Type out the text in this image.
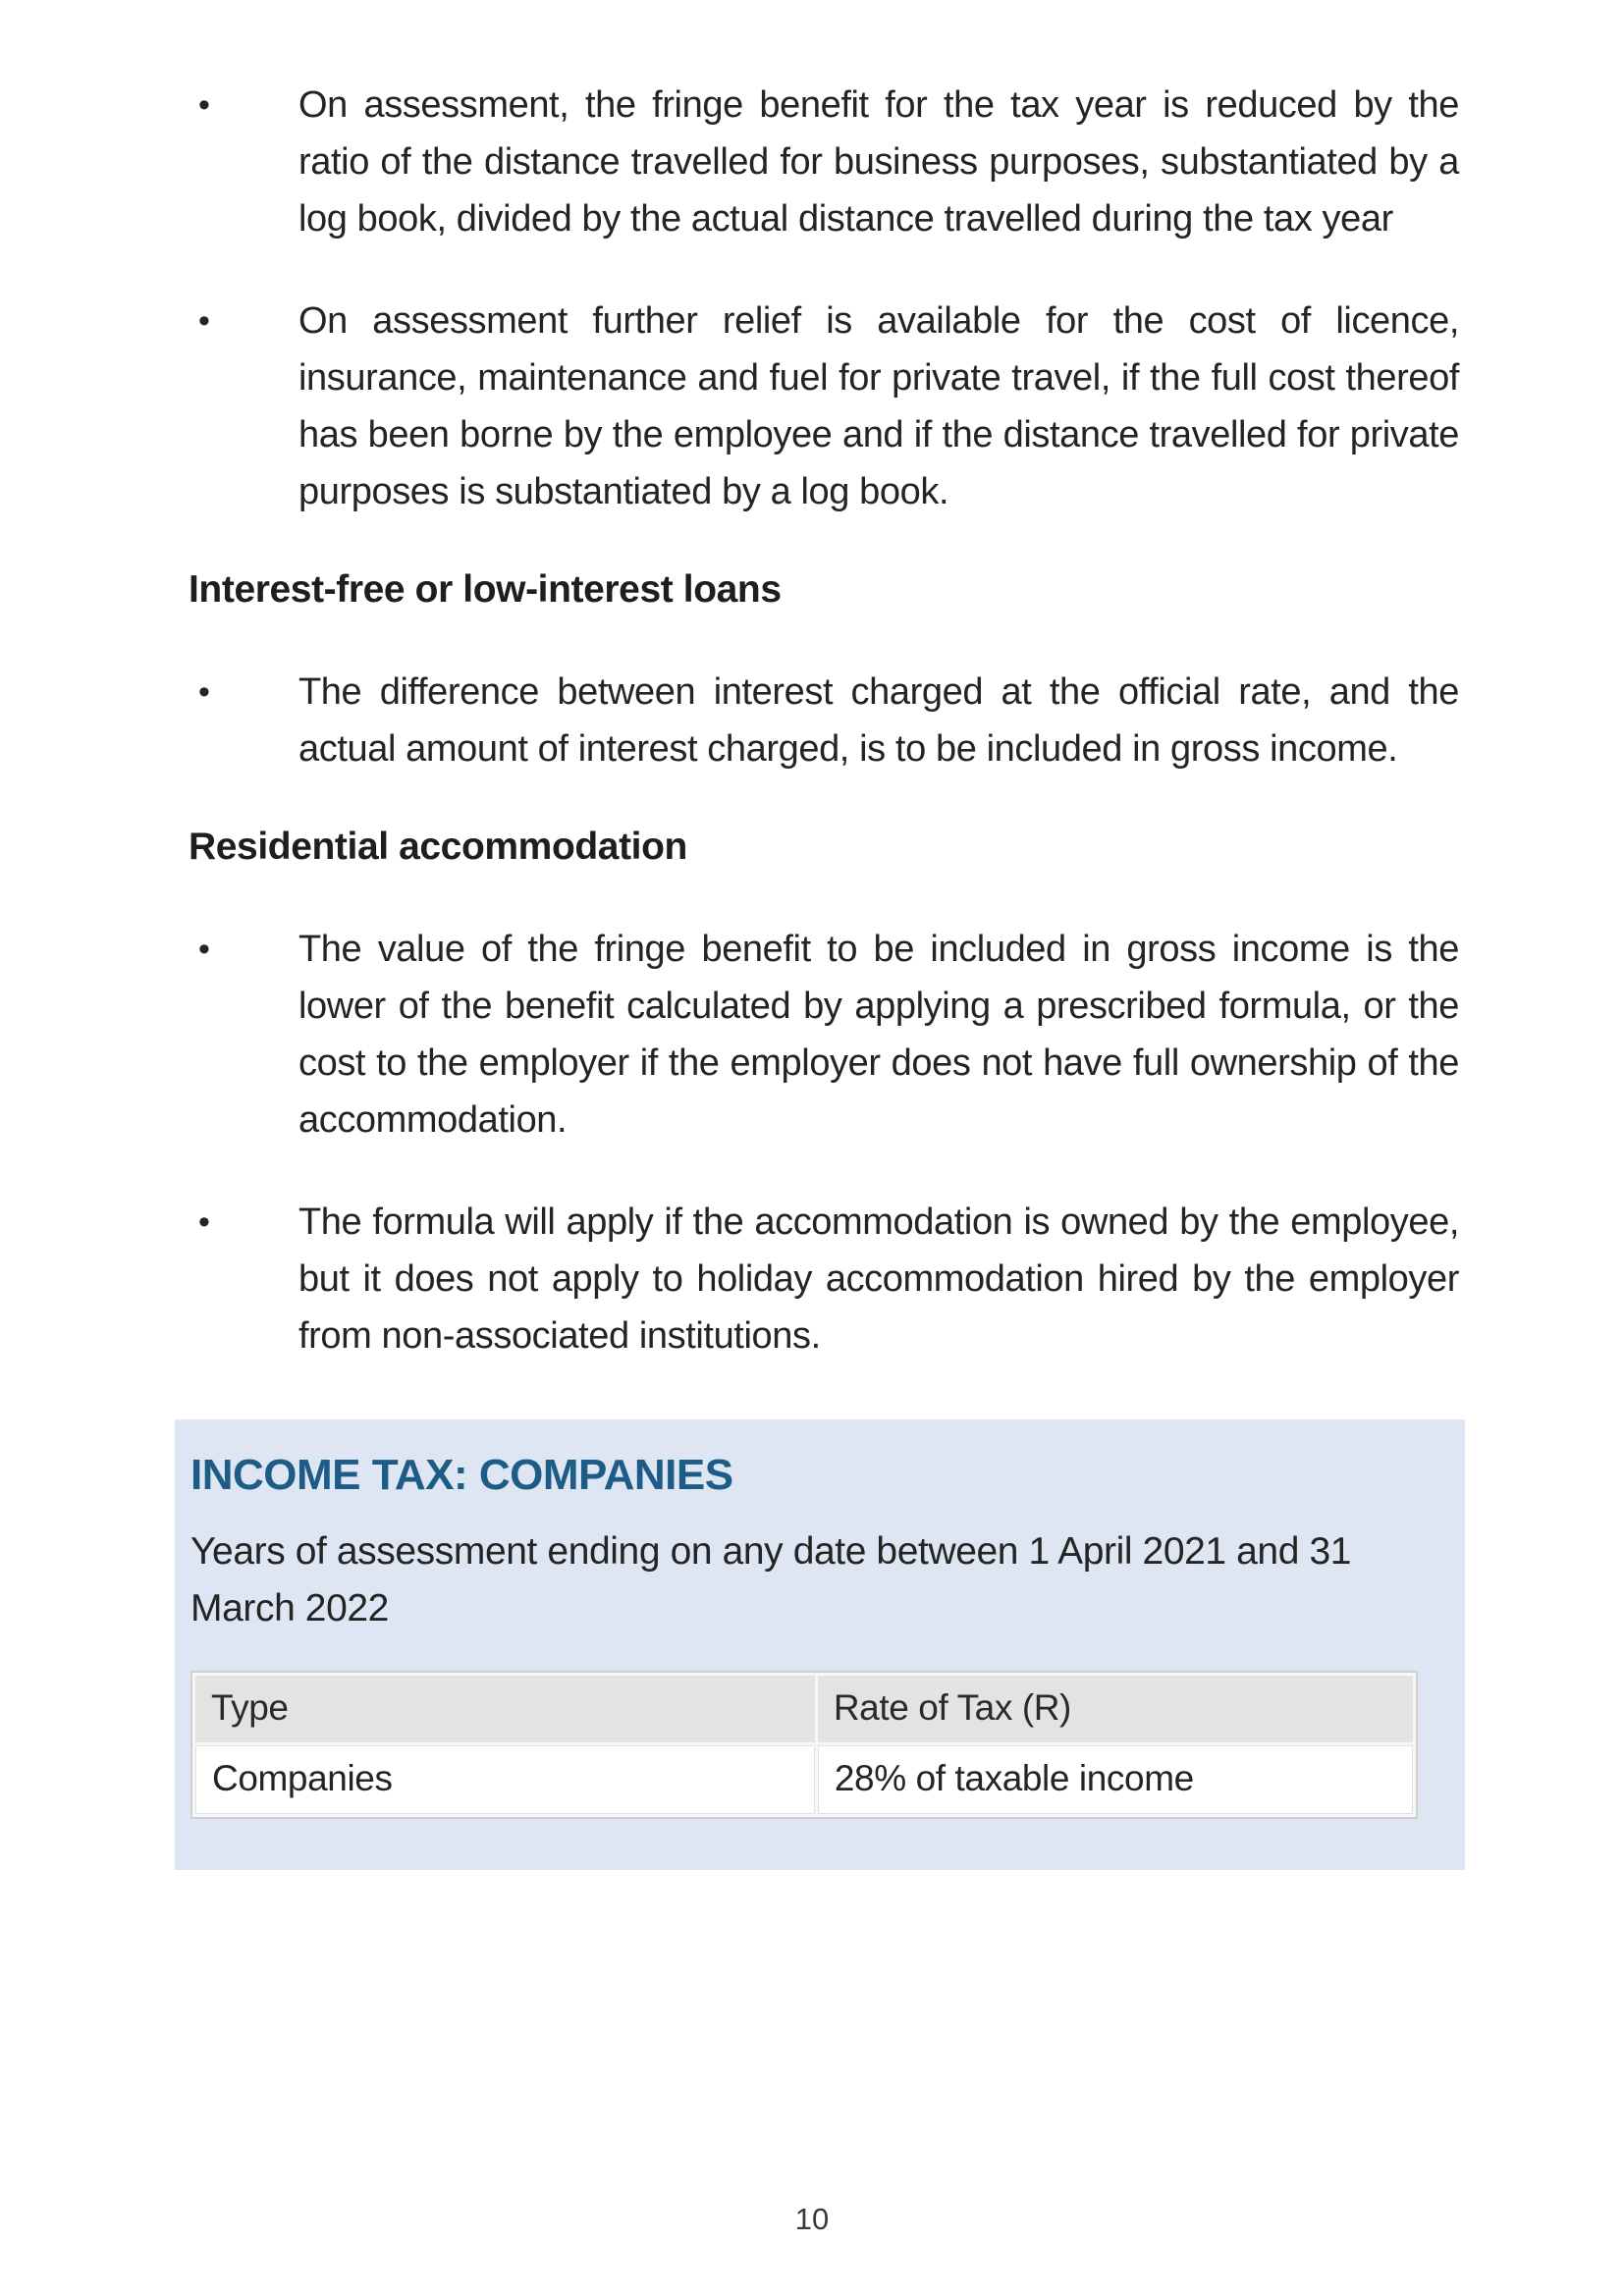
• On assessment, the fringe benefit for the tax year is reduced by the ratio of the distance travelled for business purposes, substantiated by a log book, divided by the actual distance travelled during the tax year
• On assessment further relief is available for the cost of licence, insurance, maintenance and fuel for private travel, if the full cost thereof has been borne by the employee and if the distance travelled for private purposes is substantiated by a log book.
Interest-free or low-interest loans
• The difference between interest charged at the official rate, and the actual amount of interest charged, is to be included in gross income.
Residential accommodation
• The value of the fringe benefit to be included in gross income is the lower of the benefit calculated by applying a prescribed formula, or the cost to the employer if the employer does not have full ownership of the accommodation.
• The formula will apply if the accommodation is owned by the employee, but it does not apply to holiday accommodation hired by the employer from non-associated institutions.
INCOME TAX: COMPANIES

Years of assessment ending on any date between 1 April 2021 and 31 March 2022

Type	Rate of Tax (R)
Companies	28% of taxable income
10
